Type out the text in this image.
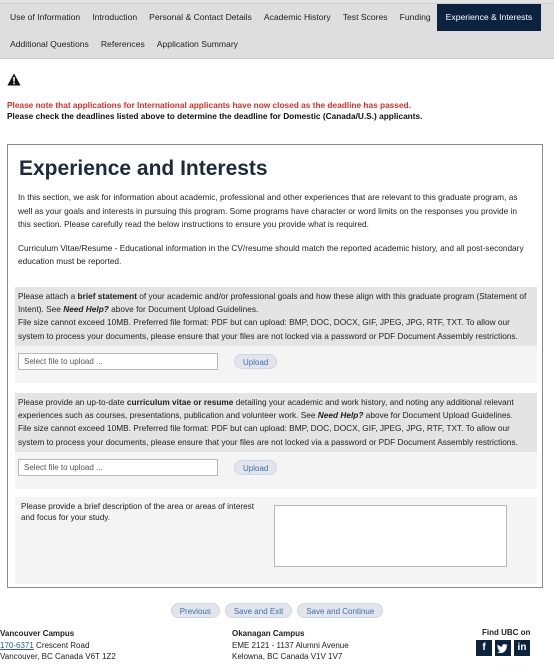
Use of Information	Introduction	Personal & Contact Details	Academic History	Test Scores	Funding	Experience & Interests
Additional Questions	References	Application Summary
Please note that applications for International applicants have now closed as the deadline has passed.
Please check the deadlines listed above to determine the deadline for Domestic (Canada/U.S.) applicants.
Experience and Interests
In this section, we ask for information about academic, professional and other experiences that are relevant to this graduate program, as well as your goals and interests in pursuing this program. Some programs have character or word limits on the responses you provide in this section. Please carefully read the below instructions to ensure you provide what is required.
Curriculum Vitae/Resume - Educational information in the CV/resume should match the reported academic history, and all post-secondary education must be reported.
Please attach a brief statement of your academic and/or professional goals and how these align with this graduate program (Statement of Intent). See Need Help? above for Document Upload Guidelines.
File size cannot exceed 10MB. Preferred file format: PDF but can upload: BMP, DOC, DOCX, GIF, JPEG, JPG, RTF, TXT. To allow our system to process your documents, please ensure that your files are not locked via a password or PDF Document Assembly restrictions.
Select file to upload ...	Upload
Please provide an up-to-date curriculum vitae or resume detailing your academic and work history, and noting any additional relevant experiences such as courses, presentations, publication and volunteer work. See Need Help? above for Document Upload Guidelines.
File size cannot exceed 10MB. Preferred file format: PDF but can upload: BMP, DOC, DOCX, GIF, JPEG, JPG, RTF, TXT. To allow our system to process your documents, please ensure that your files are not locked via a password or PDF Document Assembly restrictions.
Select file to upload ...	Upload
Please provide a brief description of the area or areas of interest and focus for your study.
Previous	Save and Exit	Save and Continue
Vancouver Campus
170-6371 Crescent Road
Vancouver, BC Canada V6T 1Z2
Okanagan Campus
EME 2121 - 1137 Alumni Avenue
Kelowna, BC Canada V1V 1V7
Find UBC on
f	in
